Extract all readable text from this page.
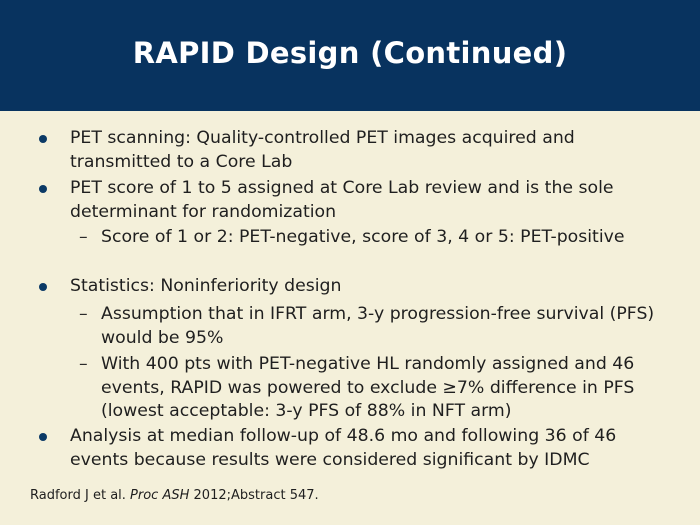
RAPID Design (Continued)
PET scanning: Quality-controlled PET images acquired and transmitted to a Core Lab
PET score of 1 to 5 assigned at Core Lab review and is the sole determinant for randomization
– Score of 1 or 2: PET-negative, score of 3, 4 or 5: PET-positive
Statistics: Noninferiority design
– Assumption that in IFRT arm, 3-y progression-free survival (PFS) would be 95%
– With 400 pts with PET-negative HL randomly assigned and 46 events, RAPID was powered to exclude ≥7% difference in PFS (lowest acceptable: 3-y PFS of 88% in NFT arm)
Analysis at median follow-up of 48.6 mo and following 36 of 46 events because results were considered significant by IDMC
Radford J et al. Proc ASH 2012;Abstract 547.
